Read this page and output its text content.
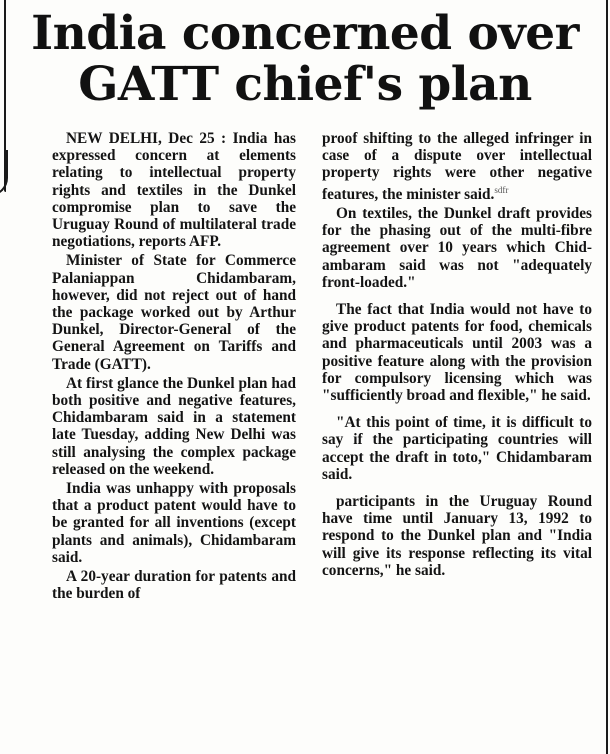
India concerned over GATT chief's plan

NEW DELHI, Dec 25 : India has expressed concern at elements relating to intellectual property rights and textiles in the Dunkel compromise plan to save the Uruguay Round of multilateral trade negotiations, reports AFP.

Minister of State for Commerce Palaniappan Chidambaram, however, did not reject out of hand the package worked out by Arthur Dunkel, Director-General of the General Agreement on Tariffs and Trade (GATT).

At first glance the Dunkel plan had both positive and negative features, Chidambaram said in a statement late Tuesday, adding New Delhi was still analysing the complex package released on the weekend.

India was unhappy with proposals that a product patent would have to be granted for all inventions (except plants and animals), Chidambaram said.

A 20-year duration for patents and the burden of

proof shifting to the alleged infringer in case of a dispute over intellectual property rights were other negative features, the minister said.$^{sdfr}$

On textiles, the Dunkel draft provides for the phasing out of the multi-fibre agreement over 10 years which Chid-ambaram said was not "adequately front-loaded."

The fact that India would not have to give product patents for food, chemicals and pharmaceuticals until 2003 was a positive feature along with the provision for compulsory licensing which was "sufficiently broad and flexible," he said.

"At this point of time, it is difficult to say if the participating countries will accept the draft in toto," Chidambaram said.

participants in the Uruguay Round have time until January 13, 1992 to respond to the Dunkel plan and "India will give its response reflecting its vital concerns," he said.
